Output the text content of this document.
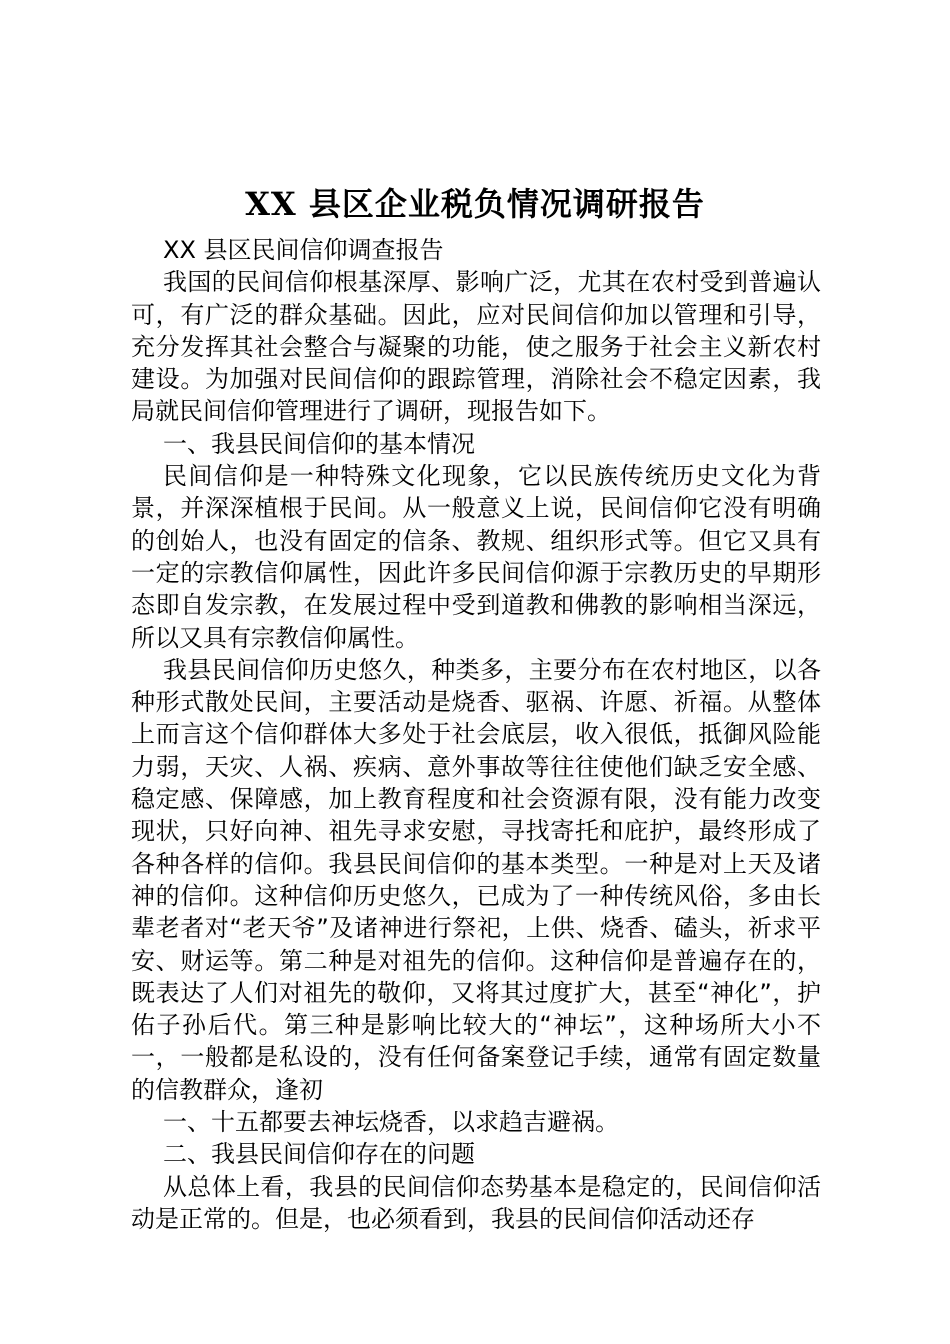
XX 县区企业税负情况调研报告

XX 县区民间信仰调查报告

我国的民间信仰根基深厚、影响广泛，尤其在农村受到普遍认可，有广泛的群众基础。因此，应对民间信仰加以管理和引导，充分发挥其社会整合与凝聚的功能，使之服务于社会主义新农村建设。为加强对民间信仰的跟踪管理，消除社会不稳定因素，我局就民间信仰管理进行了调研，现报告如下。

一、我县民间信仰的基本情况

民间信仰是一种特殊文化现象，它以民族传统历史文化为背景，并深深植根于民间。从一般意义上说，民间信仰它没有明确的创始人，也没有固定的信条、教规、组织形式等。但它又具有一定的宗教信仰属性，因此许多民间信仰源于宗教历史的早期形态即自发宗教，在发展过程中受到道教和佛教的影响相当深远，所以又具有宗教信仰属性。

我县民间信仰历史悠久，种类多，主要分布在农村地区，以各种形式散处民间，主要活动是烧香、驱祸、许愿、祈福。从整体上而言这个信仰群体大多处于社会底层，收入很低，抵御风险能力弱，天灾、人祸、疾病、意外事故等往往使他们缺乏安全感、稳定感、保障感，加上教育程度和社会资源有限，没有能力改变现状，只好向神、祖先寻求安慰，寻找寄托和庇护，最终形成了各种各样的信仰。我县民间信仰的基本类型。一种是对上天及诸神的信仰。这种信仰历史悠久，已成为了一种传统风俗，多由长辈老者对“老天爷”及诸神进行祭祀，上供、烧香、磕头，祈求平安、财运等。第二种是对祖先的信仰。这种信仰是普遍存在的，既表达了人们对祖先的敬仰，又将其过度扩大，甚至“神化”，护佑子孙后代。第三种是影响比较大的“神坛”，这种场所大小不一，一般都是私设的，没有任何备案登记手续，通常有固定数量的信教群众，逢初

一、十五都要去神坛烧香，以求趋吉避祸。

二、我县民间信仰存在的问题

从总体上看，我县的民间信仰态势基本是稳定的，民间信仰活动是正常的。但是，也必须看到，我县的民间信仰活动还存
